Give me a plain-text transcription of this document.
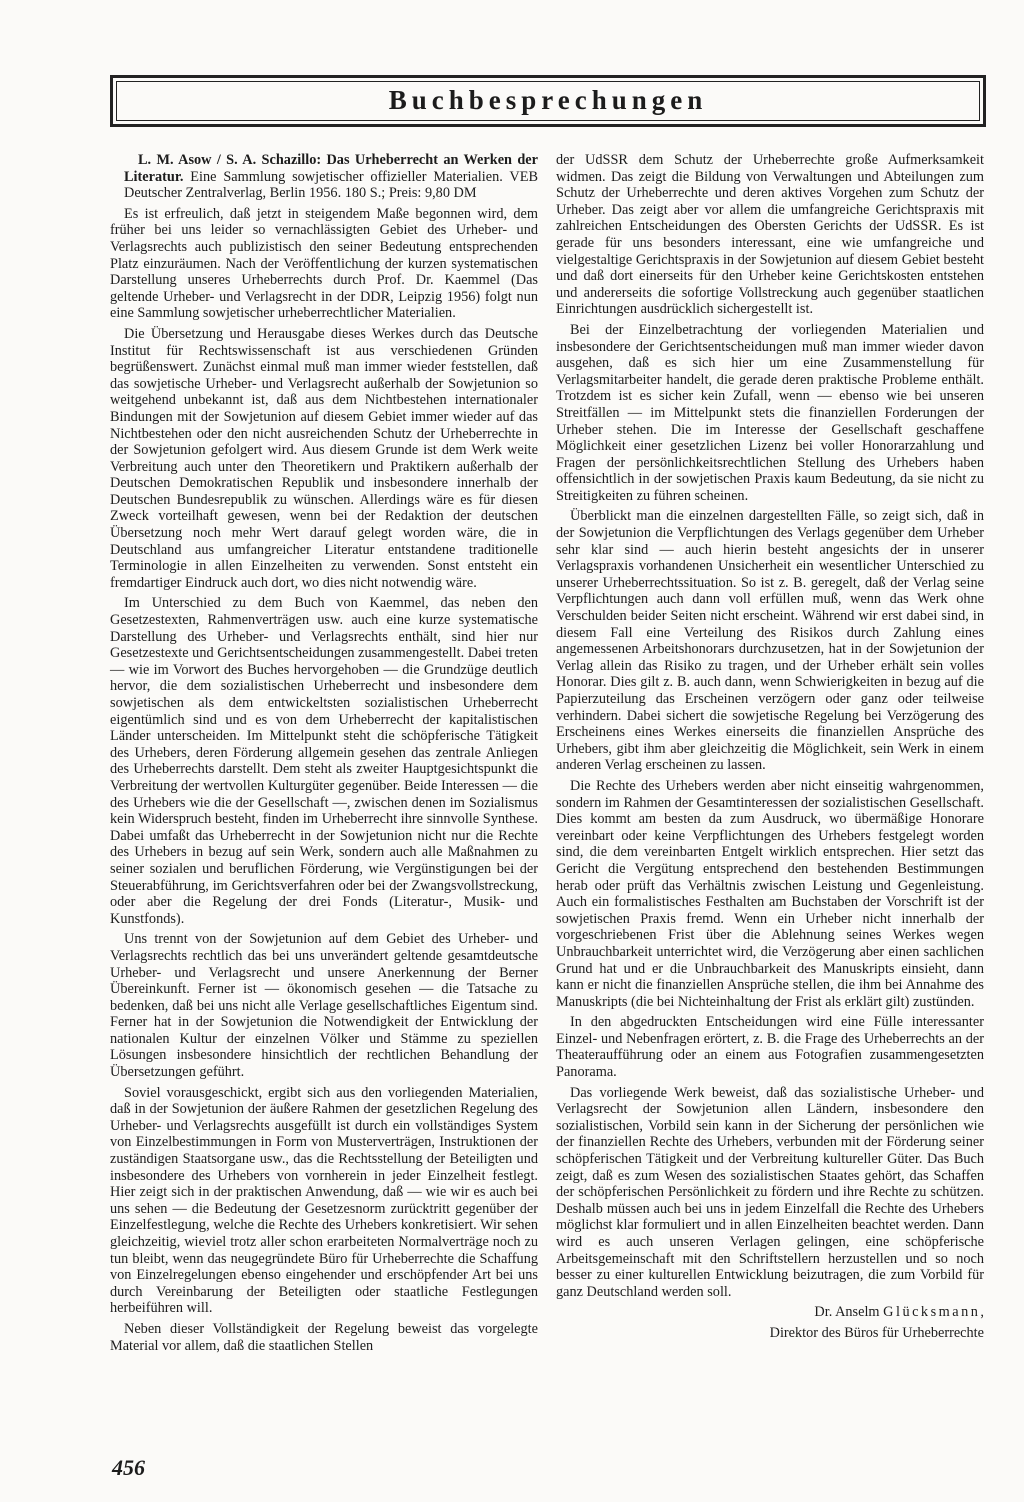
Buchbesprechungen

L. M. Asow / S. A. Schazillo: Das Urheberrecht an Werken der Literatur. Eine Sammlung sowjetischer offizieller Materialien. VEB Deutscher Zentralverlag, Berlin 1956. 180 S.; Preis: 9,80 DM

Es ist erfreulich, daß jetzt in steigendem Maße begonnen wird, dem früher bei uns leider so vernachlässigten Gebiet des Urheber- und Verlagsrechts auch publizistisch den seiner Bedeutung entsprechenden Platz einzuräumen. Nach der Veröffentlichung der kurzen systematischen Darstellung unseres Urheberrechts durch Prof. Dr. Kaemmel (Das geltende Urheber- und Verlagsrecht in der DDR, Leipzig 1956) folgt nun eine Sammlung sowjetischer urheberrechtlicher Materialien.

Die Übersetzung und Herausgabe dieses Werkes durch das Deutsche Institut für Rechtswissenschaft ist aus verschiedenen Gründen begrüßenswert. Zunächst einmal muß man immer wieder feststellen, daß das sowjetische Urheber- und Verlagsrecht außerhalb der Sowjetunion so weitgehend unbekannt ist, daß aus dem Nichtbestehen internationaler Bindungen mit der Sowjetunion auf diesem Gebiet immer wieder auf das Nichtbestehen oder den nicht ausreichenden Schutz der Urheberrechte in der Sowjetunion gefolgert wird. Aus diesem Grunde ist dem Werk weite Verbreitung auch unter den Theoretikern und Praktikern außerhalb der Deutschen Demokratischen Republik und insbesondere innerhalb der Deutschen Bundesrepublik zu wünschen. Allerdings wäre es für diesen Zweck vorteilhaft gewesen, wenn bei der Redaktion der deutschen Übersetzung noch mehr Wert darauf gelegt worden wäre, die in Deutschland aus umfangreicher Literatur entstandene traditionelle Terminologie in allen Einzelheiten zu verwenden. Sonst entsteht ein fremdartiger Eindruck auch dort, wo dies nicht notwendig wäre.

Im Unterschied zu dem Buch von Kaemmel, das neben den Gesetzestexten, Rahmenverträgen usw. auch eine kurze systematische Darstellung des Urheber- und Verlagsrechts enthält, sind hier nur Gesetzestexte und Gerichtsentscheidungen zusammengestellt. Dabei treten — wie im Vorwort des Buches hervorgehoben — die Grundzüge deutlich hervor, die dem sozialistischen Urheberrecht und insbesondere dem sowjetischen als dem entwickeltsten sozialistischen Urheberrecht eigentümlich sind und es von dem Urheberrecht der kapitalistischen Länder unterscheiden. Im Mittelpunkt steht die schöpferische Tätigkeit des Urhebers, deren Förderung allgemein gesehen das zentrale Anliegen des Urheberrechts darstellt. Dem steht als zweiter Hauptgesichtspunkt die Verbreitung der wertvollen Kulturgüter gegenüber. Beide Interessen — die des Urhebers wie die der Gesellschaft —, zwischen denen im Sozialismus kein Widerspruch besteht, finden im Urheberrecht ihre sinnvolle Synthese. Dabei umfaßt das Urheberrecht in der Sowjetunion nicht nur die Rechte des Urhebers in bezug auf sein Werk, sondern auch alle Maßnahmen zu seiner sozialen und beruflichen Förderung, wie Vergünstigungen bei der Steuerabführung, im Gerichtsverfahren oder bei der Zwangsvollstreckung, oder aber die Regelung der drei Fonds (Literatur-, Musik- und Kunstfonds).

Uns trennt von der Sowjetunion auf dem Gebiet des Urheber- und Verlagsrechts rechtlich das bei uns unverändert geltende gesamtdeutsche Urheber- und Verlagsrecht und unsere Anerkennung der Berner Übereinkunft. Ferner ist — ökonomisch gesehen — die Tatsache zu bedenken, daß bei uns nicht alle Verlage gesellschaftliches Eigentum sind. Ferner hat in der Sowjetunion die Notwendigkeit der Entwicklung der nationalen Kultur der einzelnen Völker und Stämme zu speziellen Lösungen insbesondere hinsichtlich der rechtlichen Behandlung der Übersetzungen geführt.

Soviel vorausgeschickt, ergibt sich aus den vorliegenden Materialien, daß in der Sowjetunion der äußere Rahmen der gesetzlichen Regelung des Urheber- und Verlagsrechts ausgefüllt ist durch ein vollständiges System von Einzelbestimmungen in Form von Musterverträgen, Instruktionen der zuständigen Staatsorgane usw., das die Rechtsstellung der Beteiligten und insbesondere des Urhebers von vornherein in jeder Einzelheit festlegt. Hier zeigt sich in der praktischen Anwendung, daß — wie wir es auch bei uns sehen — die Bedeutung der Gesetzesnorm zurücktritt gegenüber der Einzelfestlegung, welche die Rechte des Urhebers konkretisiert. Wir sehen gleichzeitig, wieviel trotz aller schon erarbeiteten Normalverträge noch zu tun bleibt, wenn das neugegründete Büro für Urheberrechte die Schaffung von Einzelregelungen ebenso eingehender und erschöpfender Art bei uns durch Vereinbarung der Beteiligten oder staatliche Festlegungen herbeiführen will.

Neben dieser Vollständigkeit der Regelung beweist das vorgelegte Material vor allem, daß die staatlichen Stellen

der UdSSR dem Schutz der Urheberrechte große Aufmerksamkeit widmen. Das zeigt die Bildung von Verwaltungen und Abteilungen zum Schutz der Urheberrechte und deren aktives Vorgehen zum Schutz der Urheber. Das zeigt aber vor allem die umfangreiche Gerichtspraxis mit zahlreichen Entscheidungen des Obersten Gerichts der UdSSR. Es ist gerade für uns besonders interessant, eine wie umfangreiche und vielgestaltige Gerichtspraxis in der Sowjetunion auf diesem Gebiet besteht und daß dort einerseits für den Urheber keine Gerichtskosten entstehen und andererseits die sofortige Vollstreckung auch gegenüber staatlichen Einrichtungen ausdrücklich sichergestellt ist.

Bei der Einzelbetrachtung der vorliegenden Materialien und insbesondere der Gerichtsentscheidungen muß man immer wieder davon ausgehen, daß es sich hier um eine Zusammenstellung für Verlagsmitarbeiter handelt, die gerade deren praktische Probleme enthält. Trotzdem ist es sicher kein Zufall, wenn — ebenso wie bei unseren Streitfällen — im Mittelpunkt stets die finanziellen Forderungen der Urheber stehen. Die im Interesse der Gesellschaft geschaffene Möglichkeit einer gesetzlichen Lizenz bei voller Honorarzahlung und Fragen der persönlichkeitsrechtlichen Stellung des Urhebers haben offensichtlich in der sowjetischen Praxis kaum Bedeutung, da sie nicht zu Streitigkeiten zu führen scheinen.

Überblickt man die einzelnen dargestellten Fälle, so zeigt sich, daß in der Sowjetunion die Verpflichtungen des Verlags gegenüber dem Urheber sehr klar sind — auch hierin besteht angesichts der in unserer Verlagspraxis vorhandenen Unsicherheit ein wesentlicher Unterschied zu unserer Urheberrechtssituation. So ist z. B. geregelt, daß der Verlag seine Verpflichtungen auch dann voll erfüllen muß, wenn das Werk ohne Verschulden beider Seiten nicht erscheint. Während wir erst dabei sind, in diesem Fall eine Verteilung des Risikos durch Zahlung eines angemessenen Arbeitshonorars durchzusetzen, hat in der Sowjetunion der Verlag allein das Risiko zu tragen, und der Urheber erhält sein volles Honorar. Dies gilt z. B. auch dann, wenn Schwierigkeiten in bezug auf die Papierzuteilung das Erscheinen verzögern oder ganz oder teilweise verhindern. Dabei sichert die sowjetische Regelung bei Verzögerung des Erscheinens eines Werkes einerseits die finanziellen Ansprüche des Urhebers, gibt ihm aber gleichzeitig die Möglichkeit, sein Werk in einem anderen Verlag erscheinen zu lassen.

Die Rechte des Urhebers werden aber nicht einseitig wahrgenommen, sondern im Rahmen der Gesamtinteressen der sozialistischen Gesellschaft. Dies kommt am besten da zum Ausdruck, wo übermäßige Honorare vereinbart oder keine Verpflichtungen des Urhebers festgelegt worden sind, die dem vereinbarten Entgelt wirklich entsprechen. Hier setzt das Gericht die Vergütung entsprechend den bestehenden Bestimmungen herab oder prüft das Verhältnis zwischen Leistung und Gegenleistung. Auch ein formalistisches Festhalten am Buchstaben der Vorschrift ist der sowjetischen Praxis fremd. Wenn ein Urheber nicht innerhalb der vorgeschriebenen Frist über die Ablehnung seines Werkes wegen Unbrauchbarkeit unterrichtet wird, die Verzögerung aber einen sachlichen Grund hat und er die Unbrauchbarkeit des Manuskripts einsieht, dann kann er nicht die finanziellen Ansprüche stellen, die ihm bei Annahme des Manuskripts (die bei Nichteinhaltung der Frist als erklärt gilt) zustünden.

In den abgedruckten Entscheidungen wird eine Fülle interessanter Einzel- und Nebenfragen erörtert, z. B. die Frage des Urheberrechts an der Theateraufführung oder an einem aus Fotografien zusammengesetzten Panorama.

Das vorliegende Werk beweist, daß das sozialistische Urheber- und Verlagsrecht der Sowjetunion allen Ländern, insbesondere den sozialistischen, Vorbild sein kann in der Sicherung der persönlichen wie der finanziellen Rechte des Urhebers, verbunden mit der Förderung seiner schöpferischen Tätigkeit und der Verbreitung kultureller Güter. Das Buch zeigt, daß es zum Wesen des sozialistischen Staates gehört, das Schaffen der schöpferischen Persönlichkeit zu fördern und ihre Rechte zu schützen. Deshalb müssen auch bei uns in jedem Einzelfall die Rechte des Urhebers möglichst klar formuliert und in allen Einzelheiten beachtet werden. Dann wird es auch unseren Verlagen gelingen, eine schöpferische Arbeitsgemeinschaft mit den Schriftstellern herzustellen und so noch besser zu einer kulturellen Entwicklung beizutragen, die zum Vorbild für ganz Deutschland werden soll.

Dr. Anselm Glücksmann,

Direktor des Büros für Urheberrechte

456
